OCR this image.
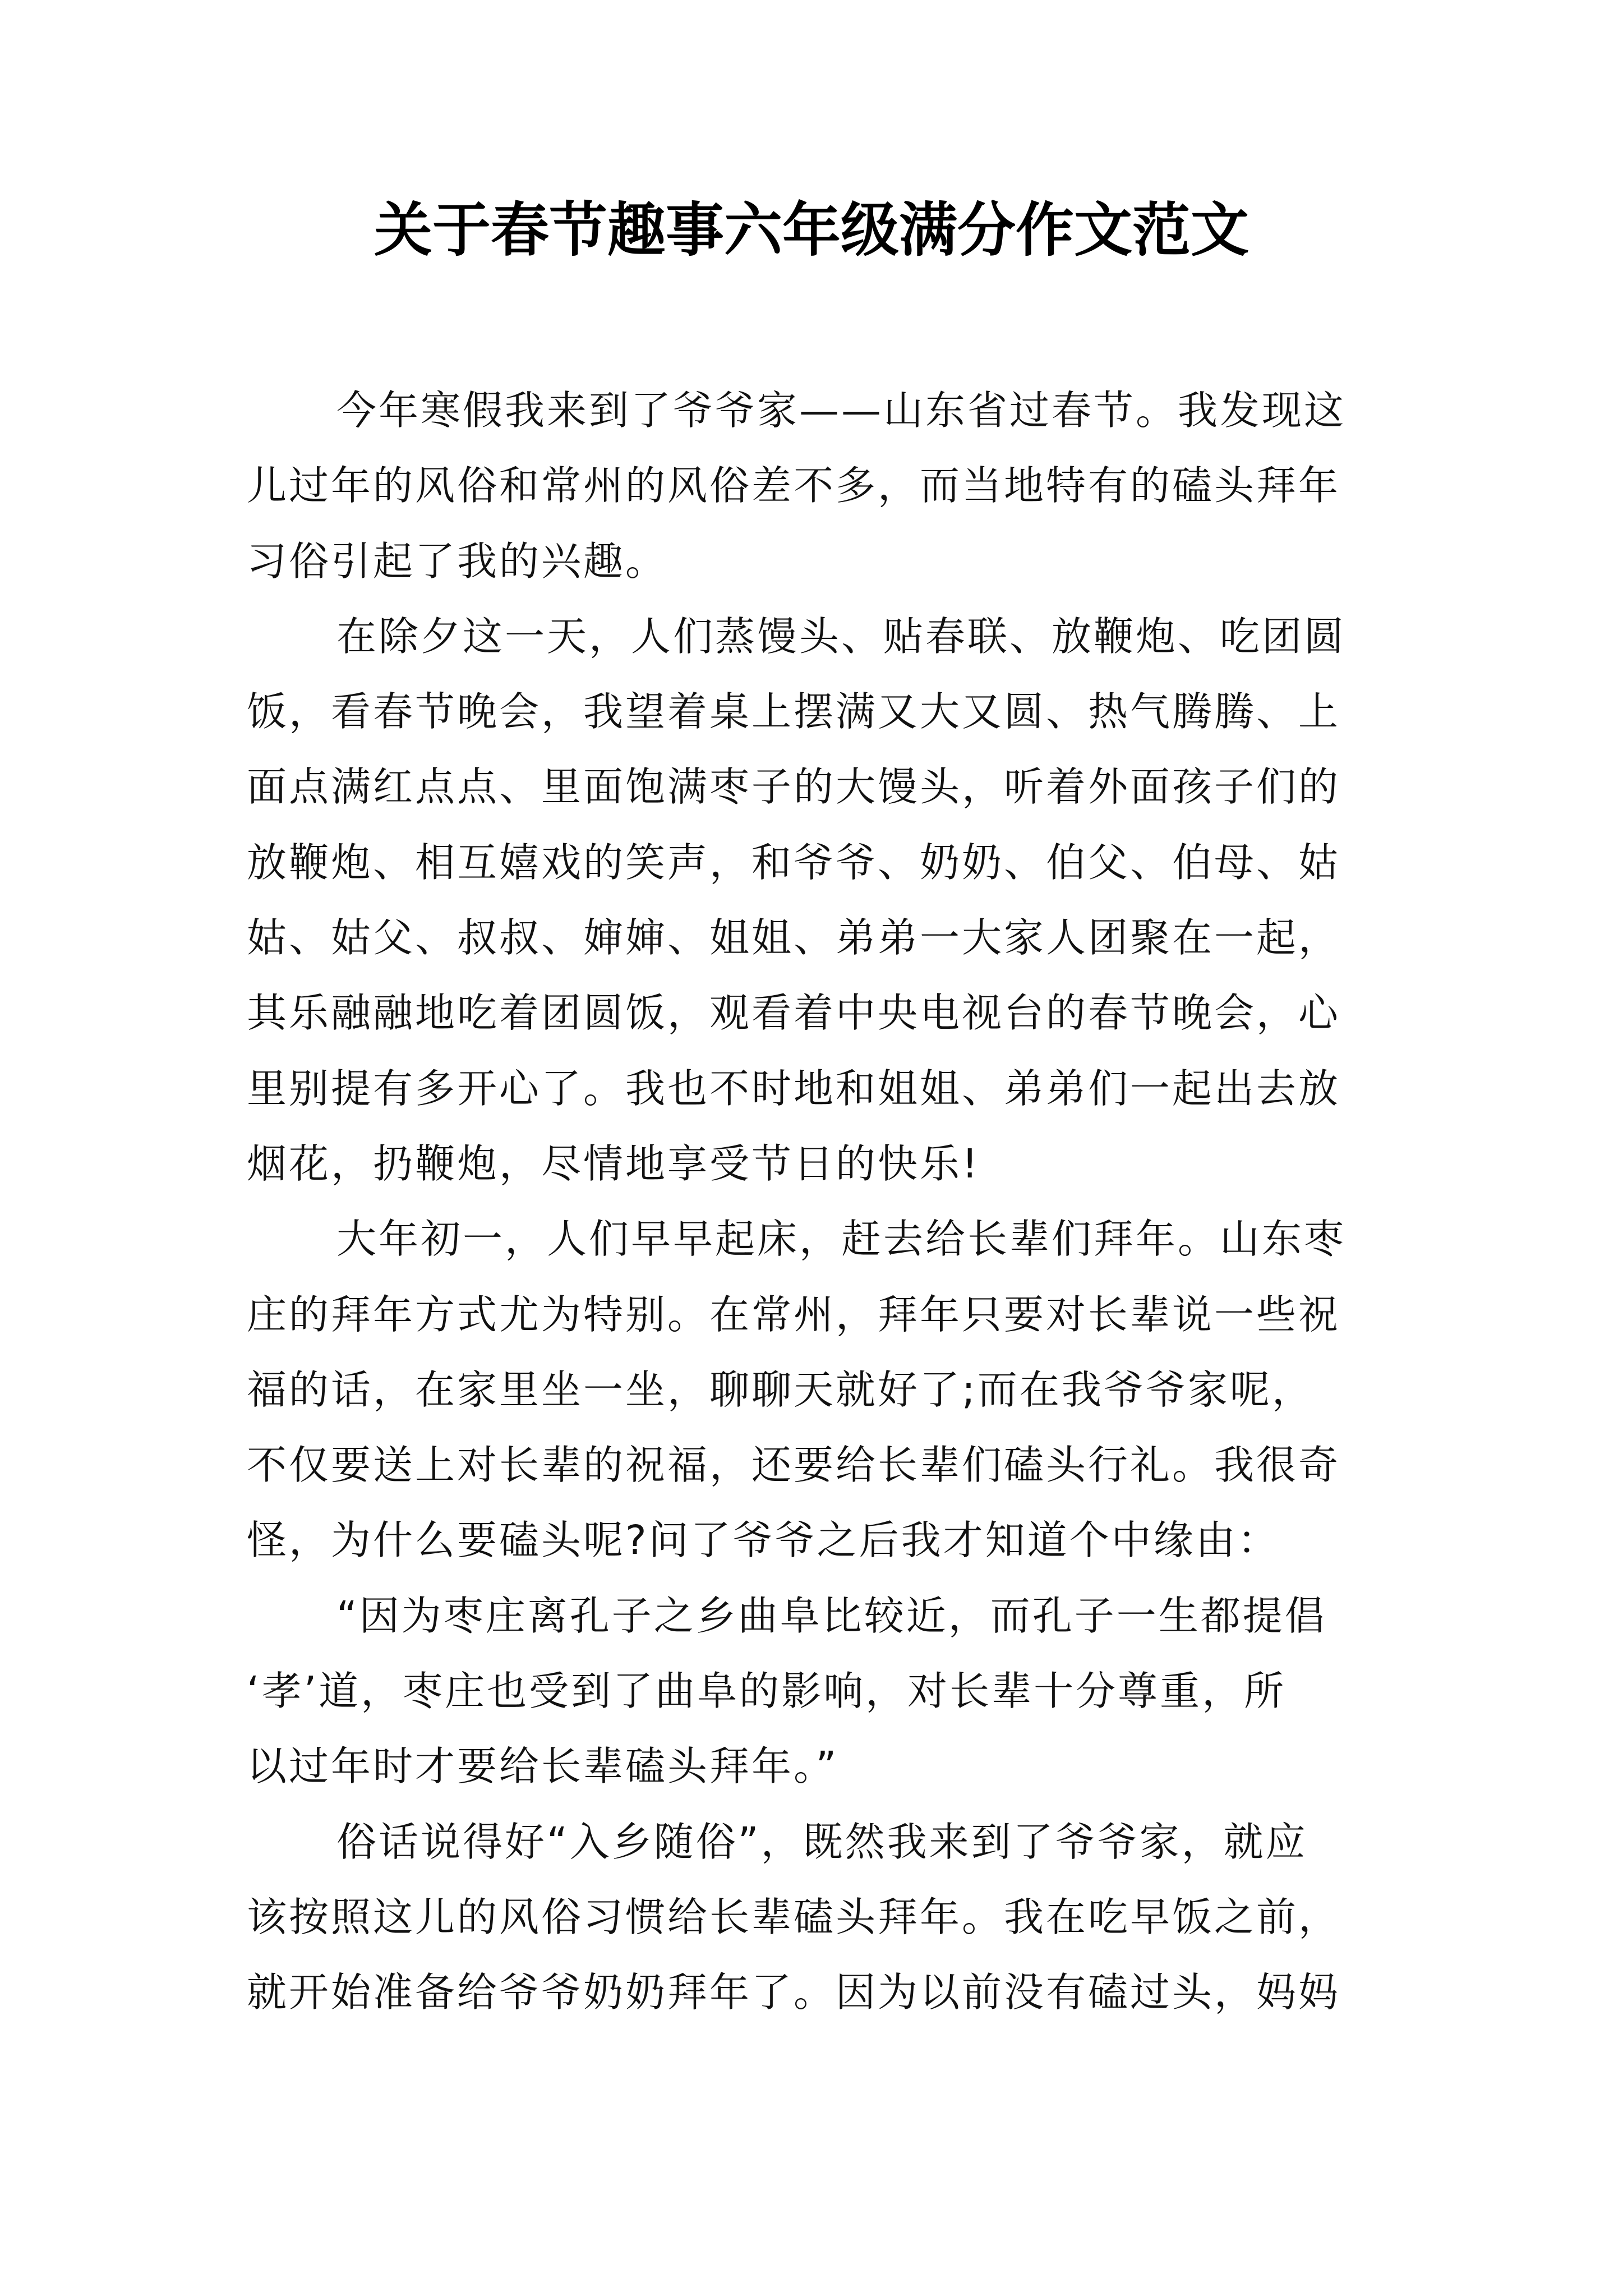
关于春节趣事六年级满分作文范文
今年寒假我来到了爷爷家——山东省过春节。我发现这
儿过年的风俗和常州的风俗差不多，而当地特有的磕头拜年
习俗引起了我的兴趣。
在除夕这一天，人们蒸馒头、贴春联、放鞭炮、吃团圆
饭，看春节晚会，我望着桌上摆满又大又圆、热气腾腾、上
面点满红点点、里面饱满枣子的大馒头，听着外面孩子们的
放鞭炮、相互嬉戏的笑声，和爷爷、奶奶、伯父、伯母、姑
姑、姑父、叔叔、婶婶、姐姐、弟弟一大家人团聚在一起，
其乐融融地吃着团圆饭，观看着中央电视台的春节晚会，心
里别提有多开心了。我也不时地和姐姐、弟弟们一起出去放
烟花，扔鞭炮，尽情地享受节日的快乐!
大年初一，人们早早起床，赶去给长辈们拜年。山东枣
庄的拜年方式尤为特别。在常州，拜年只要对长辈说一些祝
福的话，在家里坐一坐，聊聊天就好了;而在我爷爷家呢，
不仅要送上对长辈的祝福，还要给长辈们磕头行礼。我很奇
怪，为什么要磕头呢?问了爷爷之后我才知道个中缘由：
“因为枣庄离孔子之乡曲阜比较近，而孔子一生都提倡
‘孝’道，枣庄也受到了曲阜的影响，对长辈十分尊重，所
以过年时才要给长辈磕头拜年。”
俗话说得好“入乡随俗”，既然我来到了爷爷家，就应
该按照这儿的风俗习惯给长辈磕头拜年。我在吃早饭之前，
就开始准备给爷爷奶奶拜年了。因为以前没有磕过头，妈妈
